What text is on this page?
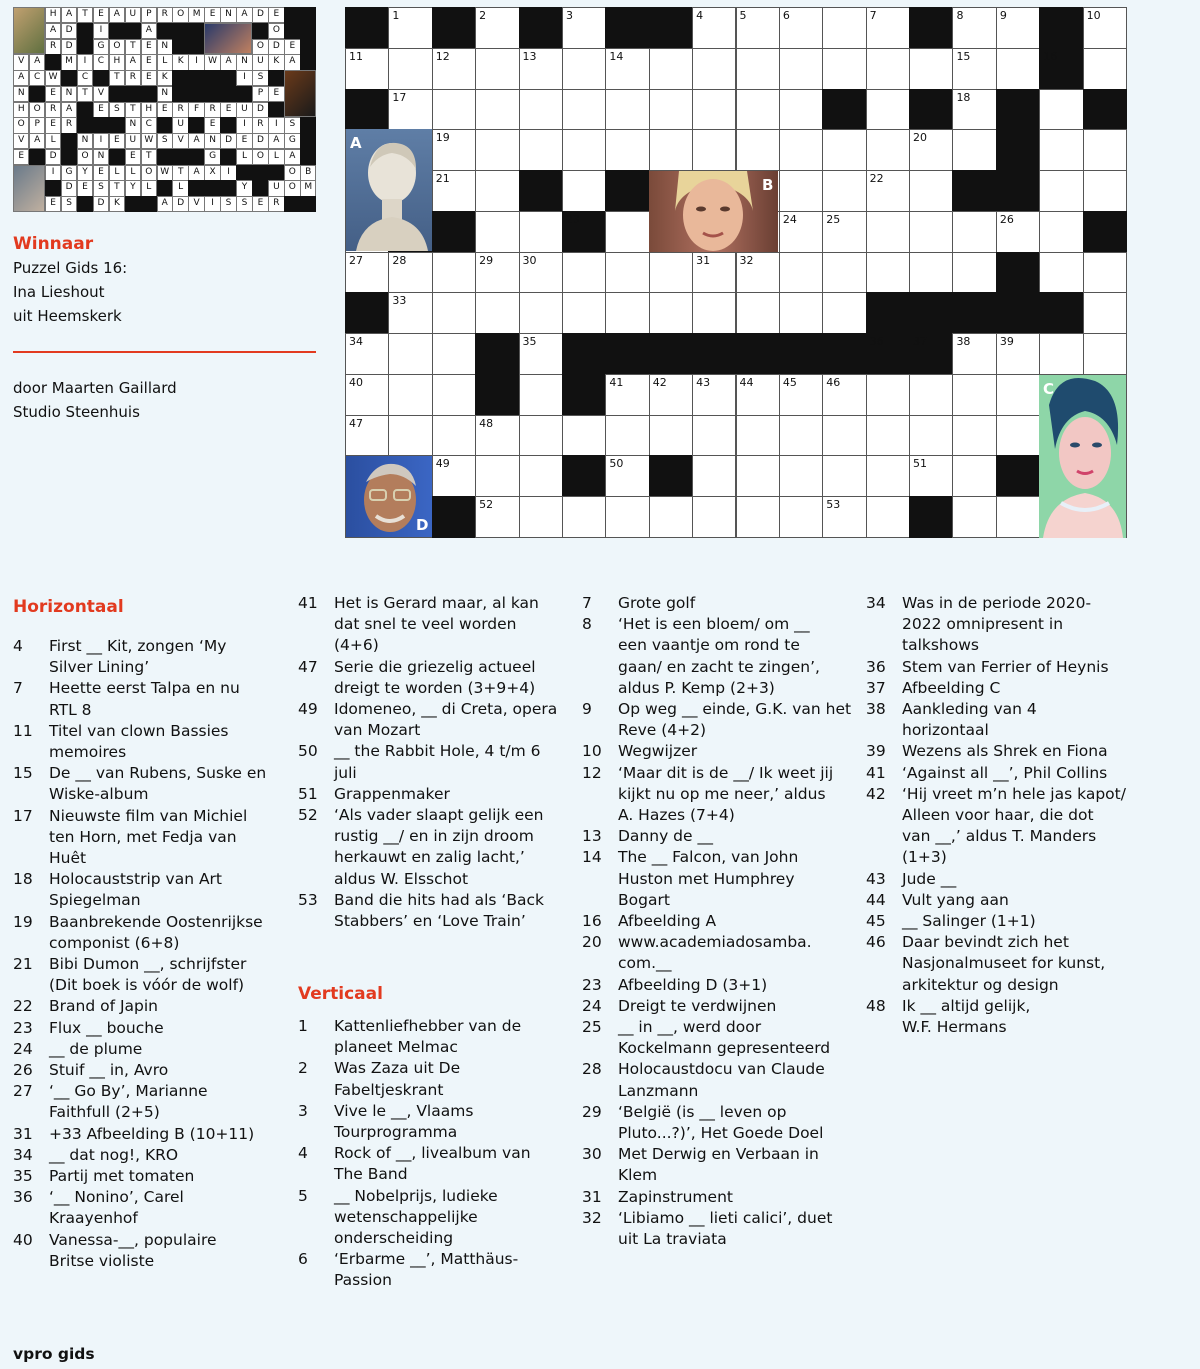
H	A	T	E	A	U	P	R	O M	E	N	A	D	E
A	D	I	A	O
R	D	G O	T	E	N	O D	E
V	A	M	I	C	H	A	E	L	K	I	W A	N	U	K	A
A	C W	C	T	R	E	K	I	S
N	E	N	T	V	N	P	E
H	O	R	A	E	S	T	H	E	R	F	R	E	U	D
O	P	E	R	N	C	U	E	I	R	I	S
V	A	L	N	I	E	U W S	V	A	N	D	E	D	A	G
E	D	O	N	E	T	G	L	O	L	A
I	G	Y	E	L	L	O W T	A	X	I	O	B
D	E	S	T	Y	L	L	Y	U	O M
E	S	D	K	A	D	V	I	S	S	E	R
Winnaar
Puzzel Gids 16:
Ina Lieshout
uit Heemskerk
door Maarten Gaillard
Studio Steenhuis
1	2	3	4	5	6	7	8	9	10
11	12	13	14	15	16
17	18
19	20
21	22
23	24	25	26
27	28	29	30	31	32
33
34	35	36	37	38	39
40	41	42	43	44	45	46
47	48
49	50	51
52	53
A
B
C
D
Horizontaal
Verticaal
4 First __ Kit, zongen ‘My
Silver Lining’
7 Heette eerst Talpa en nu
RTL 8
11 Titel van clown Bassies
memoires
15 De __ van Rubens, Suske en
Wiske-album
17 Nieuwste film van Michiel
ten Horn, met Fedja van
Huêt
18 Holocauststrip van Art
Spiegelman
19 Baanbrekende Oostenrijkse
componist (6+8)
21 Bibi Dumon __, schrijfster
(Dit boek is vóór de wolf)
22 Brand of Japin
23 Flux __ bouche
24 __ de plume
26 Stuif __ in, Avro
27 ‘__ Go By’, Marianne
Faithfull (2+5)
31 +33 Afbeelding B (10+11)
34 __ dat nog!, KRO
35 Partij met tomaten
36 ‘__ Nonino’, Carel
Kraayenhof
40 Vanessa-__, populaire
Britse violiste
41 Het is Gerard maar, al kan
dat snel te veel worden
(4+6)
47 Serie die griezelig actueel
dreigt te worden (3+9+4)
49 Idomeneo, __ di Creta, opera
van Mozart
50 __ the Rabbit Hole, 4 t/m 6
juli
51 Grappenmaker
52 ‘Als vader slaapt gelijk een
rustig __/ en in zijn droom
herkauwt en zalig lacht,’
aldus W. Elsschot
53 Band die hits had als ‘Back
Stabbers’ en ‘Love Train’
1 Kattenliefhebber van de
planeet Melmac
2 Was Zaza uit De
Fabeltjeskrant
3 Vive le __, Vlaams
Tourprogramma
4 Rock of __, livealbum van
The Band
5 __ Nobelprijs, ludieke
wetenschappelijke
onderscheiding
6 ‘Erbarme __’, Matthäus-
Passion
7 Grote golf
8 ‘Het is een bloem/ om __
een vaantje om rond te
gaan/ en zacht te zingen’,
aldus P. Kemp (2+3)
9 Op weg __ einde, G.K. van het
Reve (4+2)
10 Wegwijzer
12 ‘Maar dit is de __/ Ik weet jij
kijkt nu op me neer,’ aldus
A. Hazes (7+4)
13 Danny de __
14 The __ Falcon, van John
Huston met Humphrey
Bogart
16 Afbeelding A
20 www.academiadosamba.
com.__
23 Afbeelding D (3+1)
24 Dreigt te verdwijnen
25 __ in __, werd door
Kockelmann gepresenteerd
28 Holocaustdocu van Claude
Lanzmann
29 ‘België (is __ leven op
Pluto...?)’, Het Goede Doel
30 Met Derwig en Verbaan in
Klem
31 Zapinstrument
32 ‘Libiamo __ lieti calici’, duet
uit La traviata
34 Was in de periode 2020-
2022 omnipresent in
talkshows
36 Stem van Ferrier of Heynis
37 Afbeelding C
38 Aankleding van 4
horizontaal
39 Wezens als Shrek en Fiona
41 ‘Against all __’, Phil Collins
42 ‘Hij vreet m’n hele jas kapot/
Alleen voor haar, die dot
van __,’ aldus T. Manders
(1+3)
43 Jude __
44 Vult yang aan
45 __ Salinger (1+1)
46 Daar bevindt zich het
Nasjonalmuseet for kunst,
arkitektur og design
48 Ik __ altijd gelijk,
W.F. Hermans
vpro gids
